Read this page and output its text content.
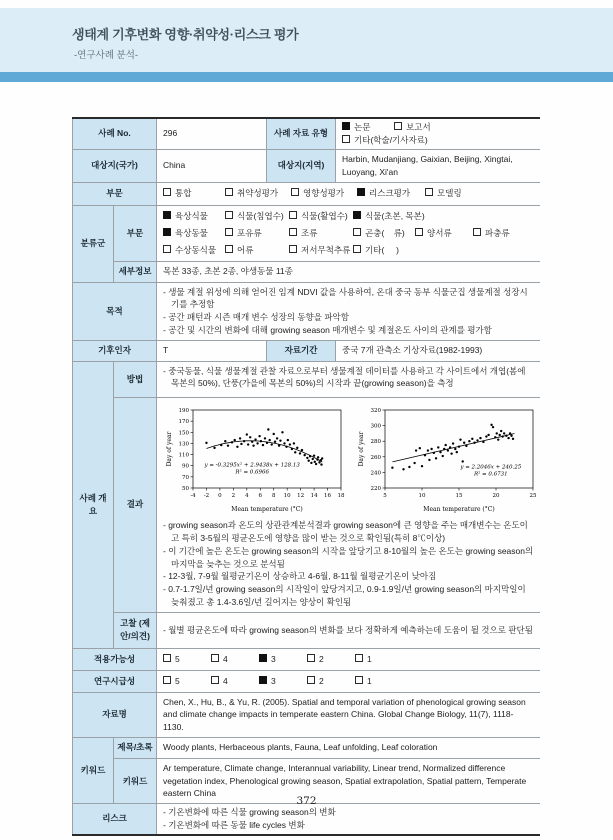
생태계 기후변화 영향·취약성·리스크 평가
-연구사례 분석-
사례 No.		296	사례 자료 유형	논문 보고서기타(학술/기사자료)

대상지(국가)		China	대상지(지역)	Harbin, Mudanjiang, Gaixian, Beijing, Xingtai, Luoyang, Xi'an
부문		통합 취약성평가 영향성평가 리스크평가 모델링		

분류군	부문	육상식물 식물(침엽수) 식물(활엽수) 식물(초본, 목본)
육상동물 포유류 조류 곤충(    류) 양서류 파충류
수상동식물 어류 저서무척추류 기타(     )		

	세부정보	목본 33종, 초본 2종, 야생동물 11종		
목적		- 생물 계절 위성에 의해 얻어진 임계 NDVI 값을 사용하여, 온대 중국 동부 식물군집 생물계절 성장시기를 추정함
- 공간 패턴과 시즌 매개 변수 성장의 동향을 파악함
- 공간 및 시간의 변화에 대해 growing season 매개변수 및 계절온도 사이의 관계를 평가함		

기후인자		T	자료기간	중국 7개 관측소 기상자료(1982-1993)
사례 개요	방법	- 중국동물, 식물 생물계절 관찰 자료으로부터 생물계절 데이터를 사용하고 각 사이트에서 개엽(봄에 목본의 50%), 단풍(가을에 목본의 50%)의 시작과 끝(growing season)을 측정		

결과	
-4 -2 0 2 4 6 8 10 12 14 16 18
50
70
90
110
130
150
170
190
y = -0.3295x² + 2.9438x + 128.13
R² = 0.6966
Mean temperature (°C)
Day of year
5	10	15	20	25
220
240
260
280
300
320
y = 2.2046x + 240.25
R² = 0.6731
Mean temperature (°C)
Day of year
- growing season과 온도의 상관관계분석결과 growing season에 큰 영향을 주는 매개변수는 온도이고 특히 3-5월의 평균온도에 영향을 많이 받는 것으로 확인됨(특히 8℃이상)
- 이 기간에 높은 온도는 growing season의 시작을 앞당기고 8-10월의 높은 온도는 growing season의 마지막을 늦추는 것으로 분석됨
- 12-3월, 7-9월 월평균기온이 상승하고 4-6월, 8-11월 월평균기온이 낮아짐
- 0.7-1.7일/년 growing season의 시작일이 앞당겨지고, 0.9-1.9일/년 growing season의 마지막일이 늦춰졌고 총 1.4-3.6일/년 길어지는 양상이 확인됨

	고찰 (제안/의견)	- 월별 평균온도에 따라 growing season의 변화를 보다 정확하게 예측하는데 도움이 될 것으로 판단됨		

적용가능성		5 4 3 2 1		

연구시급성		5 4 3 2 1		

자료명		Chen, X., Hu, B., & Yu, R. (2005). Spatial and temporal variation of phenological growing season and climate change impacts in temperate eastern China. Global Change Biology, 11(7), 1118-1130.		
키워드	제목/초록	Woody plants, Herbaceous plants, Fauna, Leaf unfolding, Leaf coloration		
	키워드	Ar temperature, Climate change, Interannual variability, Linear trend, Normalized difference vegetation index, Phenological growing season, Spatial extrapolation, Spatial pattern, Temperate eastern China		
리스크		- 기온변화에 따른 식물 growing season의 변화
- 기온변화에 따른 동물 life cycles 변화		
372
